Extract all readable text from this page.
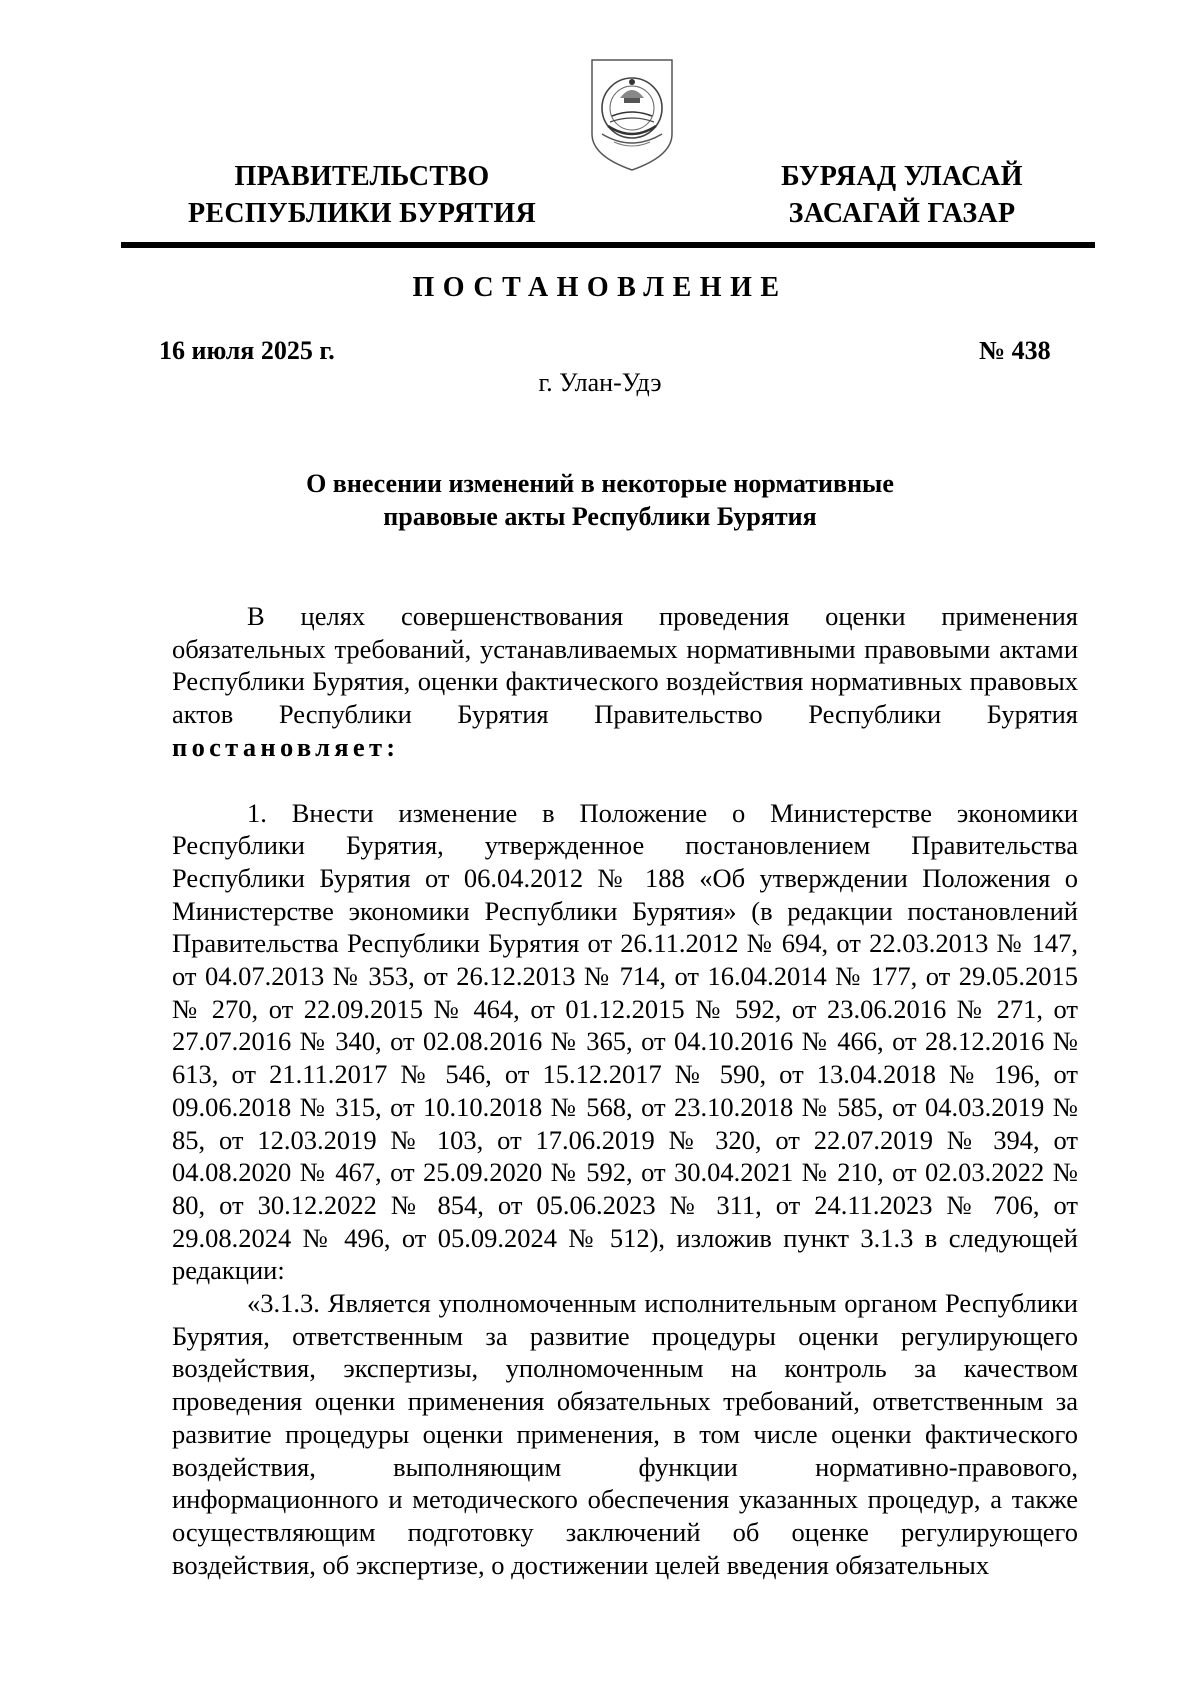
ПРАВИТЕЛЬСТВО
РЕСПУБЛИКИ БУРЯТИЯ
БУРЯАД УЛАСАЙ
ЗАСАГАЙ ГАЗАР
ПОСТАНОВЛЕНИЕ
16 июля 2025 г.	№ 438
г. Улан-Удэ
О внесении изменений в некоторые нормативные
правовые акты Республики Бурятия

В целях совершенствования проведения оценки применения обязательных требований, устанавливаемых нормативными правовыми актами Республики Бурятия, оценки фактического воздействия нормативных правовых актов Республики Бурятия Правительство Республики Бурятия постановляет:

1. Внести изменение в Положение о Министерстве экономики Республики Бурятия, утвержденное постановлением Правительства Республики Бурятия от 06.04.2012 № 188 «Об утверждении Положения о Министерстве экономики Республики Бурятия» (в редакции постановлений Правительства Республики Бурятия от 26.11.2012 № 694, от 22.03.2013 № 147, от 04.07.2013 № 353, от 26.12.2013 № 714, от 16.04.2014 № 177, от 29.05.2015 № 270, от 22.09.2015 № 464, от 01.12.2015 № 592, от 23.06.2016 № 271, от 27.07.2016 № 340, от 02.08.2016 № 365, от 04.10.2016 № 466, от 28.12.2016 № 613, от 21.11.2017 № 546, от 15.12.2017 № 590, от 13.04.2018 № 196, от 09.06.2018 № 315, от 10.10.2018 № 568, от 23.10.2018 № 585, от 04.03.2019 № 85, от 12.03.2019 № 103, от 17.06.2019 № 320, от 22.07.2019 № 394, от 04.08.2020 № 467, от 25.09.2020 № 592, от 30.04.2021 № 210, от 02.03.2022 № 80, от 30.12.2022 № 854, от 05.06.2023 № 311, от 24.11.2023 № 706, от 29.08.2024 № 496, от 05.09.2024 № 512), изложив пункт 3.1.3 в следующей редакции:

«3.1.3. Является уполномоченным исполнительным органом Республики Бурятия, ответственным за развитие процедуры оценки регулирующего воздействия, экспертизы, уполномоченным на контроль за качеством проведения оценки применения обязательных требований, ответственным за развитие процедуры оценки применения, в том числе оценки фактического воздействия, выполняющим функции нормативно-правового, информационного и методического обеспечения указанных процедур, а также осуществляющим подготовку заключений об оценке регулирующего воздействия, об экспертизе, о достижении целей введения обязательных
